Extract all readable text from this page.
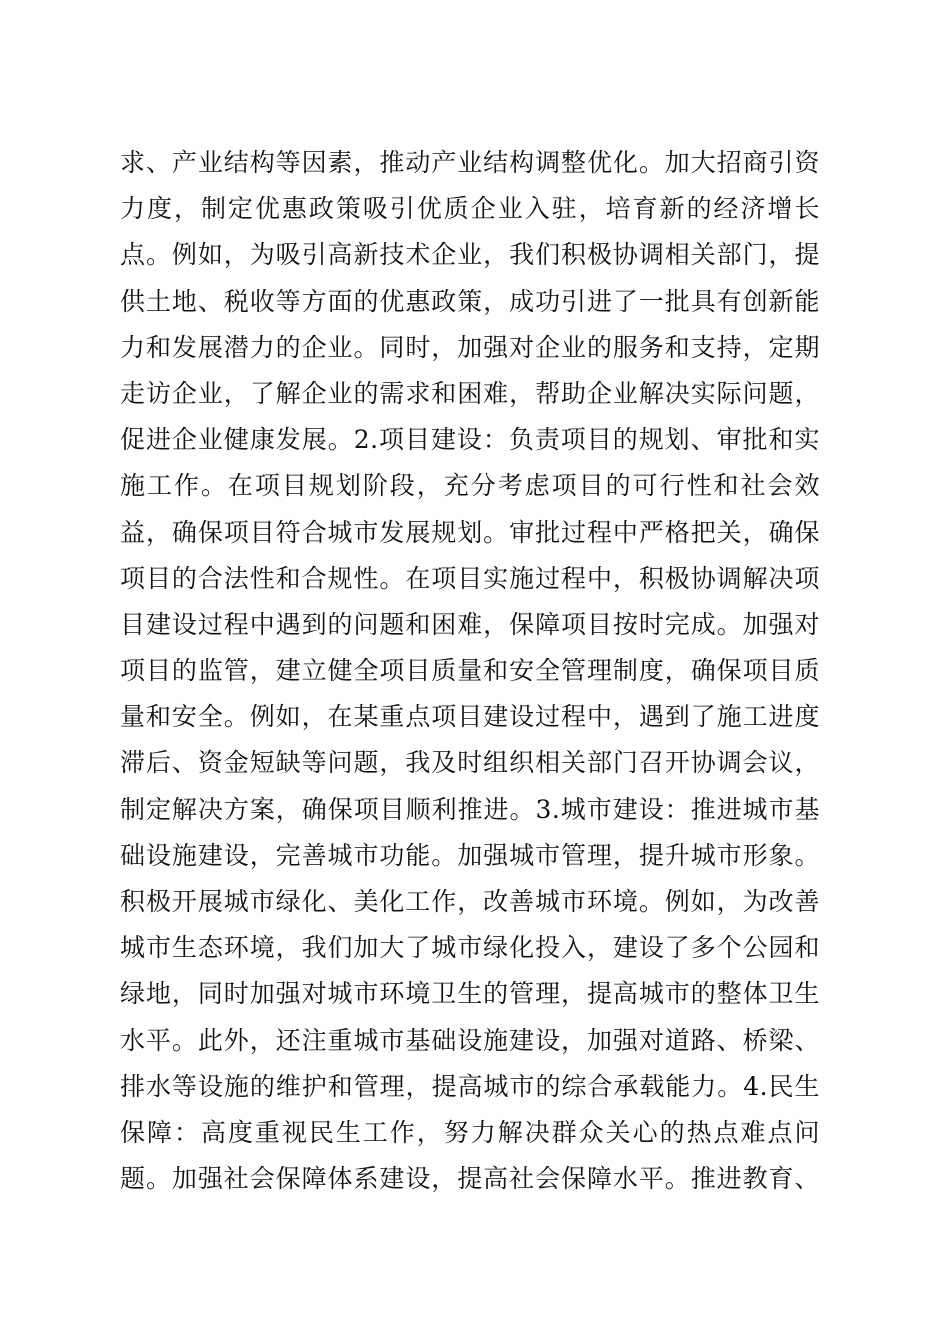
求、产业结构等因素，推动产业结构调整优化。加大招商引资
力度，制定优惠政策吸引优质企业入驻，培育新的经济增长
点。例如，为吸引高新技术企业，我们积极协调相关部门，提
供土地、税收等方面的优惠政策，成功引进了一批具有创新能
力和发展潜力的企业。同时，加强对企业的服务和支持，定期
走访企业，了解企业的需求和困难，帮助企业解决实际问题，
促进企业健康发展。2.项目建设：负责项目的规划、审批和实
施工作。在项目规划阶段，充分考虑项目的可行性和社会效
益，确保项目符合城市发展规划。审批过程中严格把关，确保
项目的合法性和合规性。在项目实施过程中，积极协调解决项
目建设过程中遇到的问题和困难，保障项目按时完成。加强对
项目的监管，建立健全项目质量和安全管理制度，确保项目质
量和安全。例如，在某重点项目建设过程中，遇到了施工进度
滞后、资金短缺等问题，我及时组织相关部门召开协调会议，
制定解决方案，确保项目顺利推进。3.城市建设：推进城市基
础设施建设，完善城市功能。加强城市管理，提升城市形象。
积极开展城市绿化、美化工作，改善城市环境。例如，为改善
城市生态环境，我们加大了城市绿化投入，建设了多个公园和
绿地，同时加强对城市环境卫生的管理，提高城市的整体卫生
水平。此外，还注重城市基础设施建设，加强对道路、桥梁、
排水等设施的维护和管理，提高城市的综合承载能力。4.民生
保障：高度重视民生工作，努力解决群众关心的热点难点问
题。加强社会保障体系建设，提高社会保障水平。推进教育、
